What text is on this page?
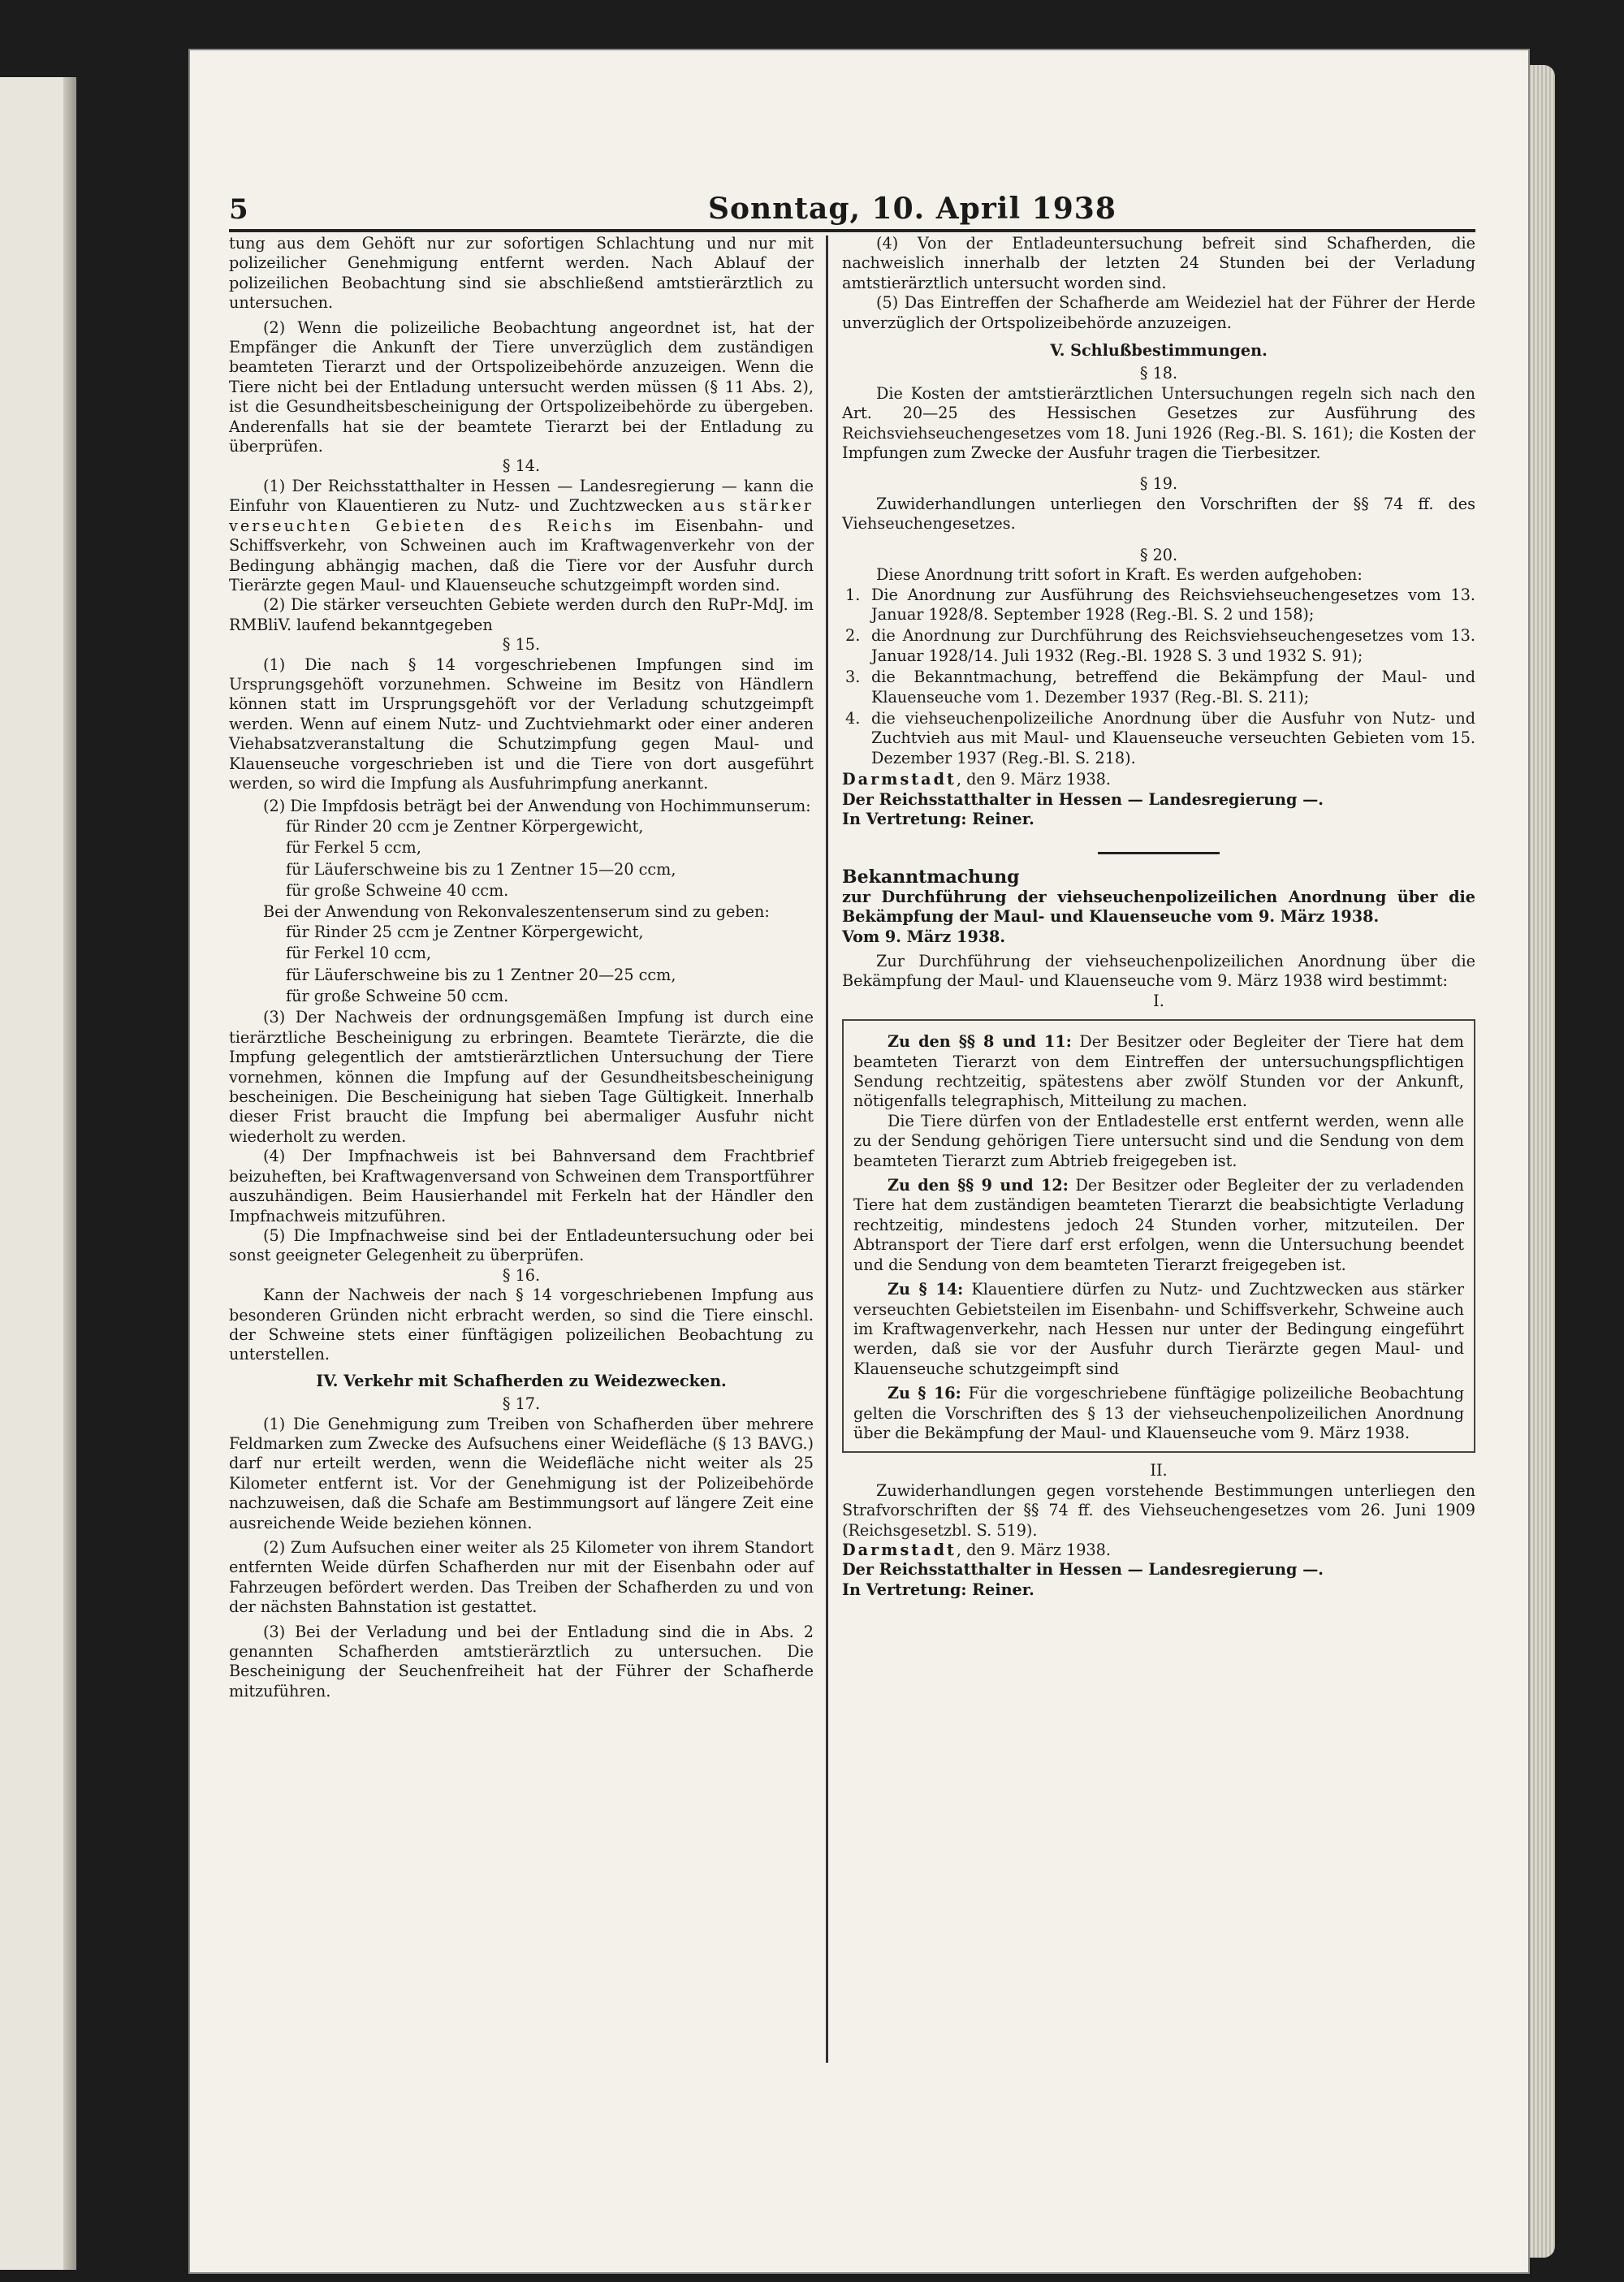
5	Sonntag, 10. April 1938

tung aus dem Gehöft nur zur sofortigen Schlachtung und nur mit polizeilicher Genehmigung entfernt werden. Nach Ablauf der polizeilichen Beobachtung sind sie abschließend amtstierärztlich zu untersuchen.

(2) Wenn die polizeiliche Beobachtung angeordnet ist, hat der Empfänger die Ankunft der Tiere unverzüglich dem zuständigen beamteten Tierarzt und der Ortspolizeibehörde anzuzeigen. Wenn die Tiere nicht bei der Entladung untersucht werden müssen (§ 11 Abs. 2), ist die Gesundheitsbescheinigung der Ortspolizeibehörde zu übergeben. Anderenfalls hat sie der beamtete Tierarzt bei der Entladung zu überprüfen.

§ 14.

(1) Der Reichsstatthalter in Hessen — Landesregierung — kann die Einfuhr von Klauentieren zu Nutz- und Zuchtzwecken aus stärker verseuchten Gebieten des Reichs im Eisenbahn- und Schiffsverkehr, von Schweinen auch im Kraftwagenverkehr von der Bedingung abhängig machen, daß die Tiere vor der Ausfuhr durch Tierärzte gegen Maul- und Klauenseuche schutzgeimpft worden sind.

(2) Die stärker verseuchten Gebiete werden durch den RuPr-MdJ. im RMBliV. laufend bekanntgegeben

§ 15.

(1) Die nach § 14 vorgeschriebenen Impfungen sind im Ursprungsgehöft vorzunehmen. Schweine im Besitz von Händlern können statt im Ursprungsgehöft vor der Verladung schutzgeimpft werden. Wenn auf einem Nutz- und Zuchtviehmarkt oder einer anderen Viehabsatzveranstaltung die Schutzimpfung gegen Maul- und Klauenseuche vorgeschrieben ist und die Tiere von dort ausgeführt werden, so wird die Impfung als Ausfuhrimpfung anerkannt.

(2) Die Impfdosis beträgt bei der Anwendung von Hochimmunserum:

für Rinder 20 ccm je Zentner Körpergewicht,
für Ferkel 5 ccm,
für Läuferschweine bis zu 1 Zentner 15—20 ccm,
für große Schweine 40 ccm.

Bei der Anwendung von Rekonvaleszentenserum sind zu geben:

für Rinder 25 ccm je Zentner Körpergewicht,
für Ferkel 10 ccm,
für Läuferschweine bis zu 1 Zentner 20—25 ccm,
für große Schweine 50 ccm.

(3) Der Nachweis der ordnungsgemäßen Impfung ist durch eine tierärztliche Bescheinigung zu erbringen. Beamtete Tierärzte, die die Impfung gelegentlich der amtstierärztlichen Untersuchung der Tiere vornehmen, können die Impfung auf der Gesundheitsbescheinigung bescheinigen. Die Bescheinigung hat sieben Tage Gültigkeit. Innerhalb dieser Frist braucht die Impfung bei abermaliger Ausfuhr nicht wiederholt zu werden.

(4) Der Impfnachweis ist bei Bahnversand dem Frachtbrief beizuheften, bei Kraftwagenversand von Schweinen dem Transportführer auszuhändigen. Beim Hausierhandel mit Ferkeln hat der Händler den Impfnachweis mitzuführen.

(5) Die Impfnachweise sind bei der Entladeuntersuchung oder bei sonst geeigneter Gelegenheit zu überprüfen.

§ 16.

Kann der Nachweis der nach § 14 vorgeschriebenen Impfung aus besonderen Gründen nicht erbracht werden, so sind die Tiere einschl. der Schweine stets einer fünftägigen polizeilichen Beobachtung zu unterstellen.

IV. Verkehr mit Schafherden zu Weidezwecken.

§ 17.

(1) Die Genehmigung zum Treiben von Schafherden über mehrere Feldmarken zum Zwecke des Aufsuchens einer Weidefläche (§ 13 BAVG.) darf nur erteilt werden, wenn die Weidefläche nicht weiter als 25 Kilometer entfernt ist. Vor der Genehmigung ist der Polizeibehörde nachzuweisen, daß die Schafe am Bestimmungsort auf längere Zeit eine ausreichende Weide beziehen können.

(2) Zum Aufsuchen einer weiter als 25 Kilometer von ihrem Standort entfernten Weide dürfen Schafherden nur mit der Eisenbahn oder auf Fahrzeugen befördert werden. Das Treiben der Schafherden zu und von der nächsten Bahnstation ist gestattet.

(3) Bei der Verladung und bei der Entladung sind die in Abs. 2 genannten Schafherden amtstierärztlich zu untersuchen. Die Bescheinigung der Seuchenfreiheit hat der Führer der Schafherde mitzuführen.

(4) Von der Entladeuntersuchung befreit sind Schafherden, die nachweislich innerhalb der letzten 24 Stunden bei der Verladung amtstierärztlich untersucht worden sind.

(5) Das Eintreffen der Schafherde am Weideziel hat der Führer der Herde unverzüglich der Ortspolizeibehörde anzuzeigen.

V. Schlußbestimmungen.

§ 18.

Die Kosten der amtstierärztlichen Untersuchungen regeln sich nach den Art. 20—25 des Hessischen Gesetzes zur Ausführung des Reichsviehseuchengesetzes vom 18. Juni 1926 (Reg.-Bl. S. 161); die Kosten der Impfungen zum Zwecke der Ausfuhr tragen die Tierbesitzer.

§ 19.

Zuwiderhandlungen unterliegen den Vorschriften der §§ 74 ff. des Viehseuchengesetzes.

§ 20.

Diese Anordnung tritt sofort in Kraft. Es werden aufgehoben:

1. Die Anordnung zur Ausführung des Reichsviehseuchengesetzes vom 13. Januar 1928/8. September 1928 (Reg.-Bl. S. 2 und 158);
2. die Anordnung zur Durchführung des Reichsviehseuchengesetzes vom 13. Januar 1928/14. Juli 1932 (Reg.-Bl. 1928 S. 3 und 1932 S. 91);
3. die Bekanntmachung, betreffend die Bekämpfung der Maul- und Klauenseuche vom 1. Dezember 1937 (Reg.-Bl. S. 211);
4. die viehseuchenpolizeiliche Anordnung über die Ausfuhr von Nutz- und Zuchtvieh aus mit Maul- und Klauenseuche verseuchten Gebieten vom 15. Dezember 1937 (Reg.-Bl. S. 218).

Darmstadt, den 9. März 1938.

Der Reichsstatthalter in Hessen — Landesregierung —.

In Vertretung: Reiner.

Bekanntmachung

zur Durchführung der viehseuchenpolizeilichen Anordnung über die Bekämpfung der Maul- und Klauenseuche vom 9. März 1938.

Vom 9. März 1938.

Zur Durchführung der viehseuchenpolizeilichen Anordnung über die Bekämpfung der Maul- und Klauenseuche vom 9. März 1938 wird bestimmt:

I.

Zu den §§ 8 und 11: Der Besitzer oder Begleiter der Tiere hat dem beamteten Tierarzt von dem Eintreffen der untersuchungspflichtigen Sendung rechtzeitig, spätestens aber zwölf Stunden vor der Ankunft, nötigenfalls telegraphisch, Mitteilung zu machen.

Die Tiere dürfen von der Entladestelle erst entfernt werden, wenn alle zu der Sendung gehörigen Tiere untersucht sind und die Sendung von dem beamteten Tierarzt zum Abtrieb freigegeben ist.

Zu den §§ 9 und 12: Der Besitzer oder Begleiter der zu verladenden Tiere hat dem zuständigen beamteten Tierarzt die beabsichtigte Verladung rechtzeitig, mindestens jedoch 24 Stunden vorher, mitzuteilen. Der Abtransport der Tiere darf erst erfolgen, wenn die Untersuchung beendet und die Sendung von dem beamteten Tierarzt freigegeben ist.

Zu § 14: Klauentiere dürfen zu Nutz- und Zuchtzwecken aus stärker verseuchten Gebietsteilen im Eisenbahn- und Schiffsverkehr, Schweine auch im Kraftwagenverkehr, nach Hessen nur unter der Bedingung eingeführt werden, daß sie vor der Ausfuhr durch Tierärzte gegen Maul- und Klauenseuche schutzgeimpft sind

Zu § 16: Für die vorgeschriebene fünftägige polizeiliche Beobachtung gelten die Vorschriften des § 13 der viehseuchenpolizeilichen Anordnung über die Bekämpfung der Maul- und Klauenseuche vom 9. März 1938.

II.

Zuwiderhandlungen gegen vorstehende Bestimmungen unterliegen den Strafvorschriften der §§ 74 ff. des Viehseuchengesetzes vom 26. Juni 1909 (Reichsgesetzbl. S. 519).

Darmstadt, den 9. März 1938.

Der Reichsstatthalter in Hessen — Landesregierung —.

In Vertretung: Reiner.
